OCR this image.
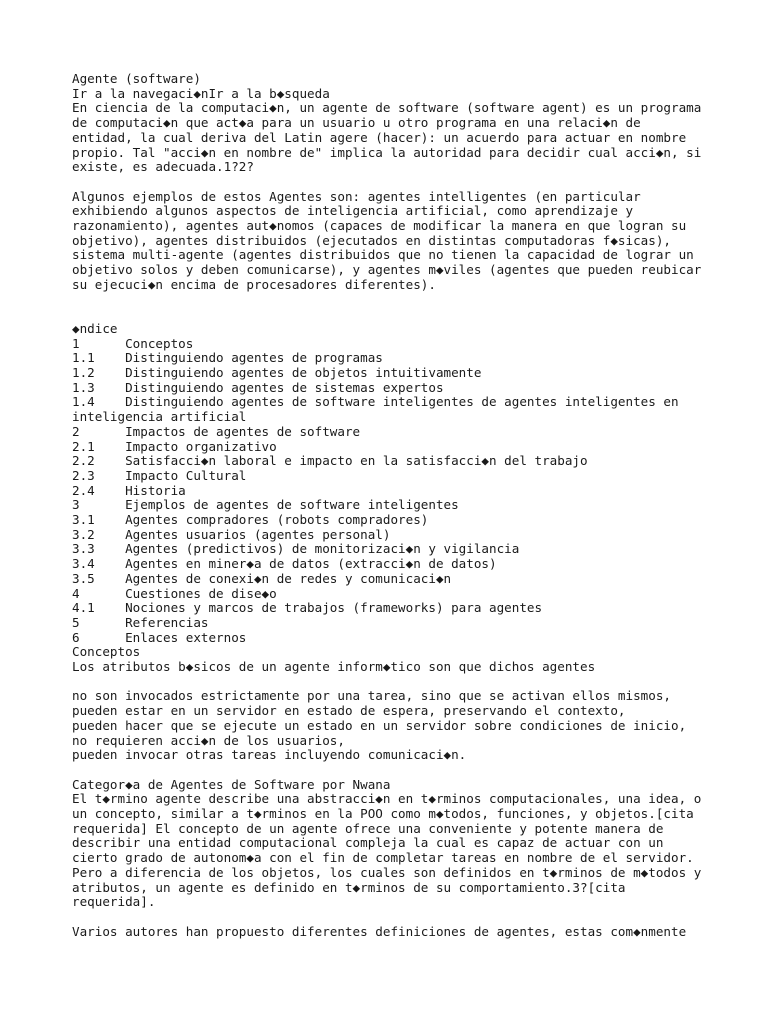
Agente (software)
Ir a la navegaci◆nIr a la b◆squeda
En ciencia de la computaci◆n, un agente de software (software agent) es un programa
de computaci◆n que act◆a para un usuario u otro programa en una relaci◆n de
entidad, la cual deriva del Latin agere (hacer): un acuerdo para actuar en nombre
propio. Tal "acci◆n en nombre de" implica la autoridad para decidir cual acci◆n, si
existe, es adecuada.1?2?
Algunos ejemplos de estos Agentes son: agentes intelligentes (en particular
exhibiendo algunos aspectos de inteligencia artificial, como aprendizaje y
razonamiento), agentes aut◆nomos (capaces de modificar la manera en que logran su
objetivo), agentes distribuidos (ejecutados en distintas computadoras f◆sicas),
sistema multi-agente (agentes distribuidos que no tienen la capacidad de lograr un
objetivo solos y deben comunicarse), y agentes m◆viles (agentes que pueden reubicar
su ejecuci◆n encima de procesadores diferentes).
◆ndice
1      Conceptos
1.1    Distinguiendo agentes de programas
1.2    Distinguiendo agentes de objetos intuitivamente
1.3    Distinguiendo agentes de sistemas expertos
1.4    Distinguiendo agentes de software inteligentes de agentes inteligentes en
inteligencia artificial
2      Impactos de agentes de software
2.1    Impacto organizativo
2.2    Satisfacci◆n laboral e impacto en la satisfacci◆n del trabajo
2.3    Impacto Cultural
2.4    Historia
3      Ejemplos de agentes de software inteligentes
3.1    Agentes compradores (robots compradores)
3.2    Agentes usuarios (agentes personal)
3.3    Agentes (predictivos) de monitorizaci◆n y vigilancia
3.4    Agentes en miner◆a de datos (extracci◆n de datos)
3.5    Agentes de conexi◆n de redes y comunicaci◆n
4      Cuestiones de dise◆o
4.1    Nociones y marcos de trabajos (frameworks) para agentes
5      Referencias
6      Enlaces externos
Conceptos
Los atributos b◆sicos de un agente inform◆tico son que dichos agentes
no son invocados estrictamente por una tarea, sino que se activan ellos mismos,
pueden estar en un servidor en estado de espera, preservando el contexto,
pueden hacer que se ejecute un estado en un servidor sobre condiciones de inicio,
no requieren acci◆n de los usuarios,
pueden invocar otras tareas incluyendo comunicaci◆n.
Categor◆a de Agentes de Software por Nwana
El t◆rmino agente describe una abstracci◆n en t◆rminos computacionales, una idea, o
un concepto, similar a t◆rminos en la POO como m◆todos, funciones, y objetos.[cita
requerida] El concepto de un agente ofrece una conveniente y potente manera de
describir una entidad computacional compleja la cual es capaz de actuar con un
cierto grado de autonom◆a con el fin de completar tareas en nombre de el servidor.
Pero a diferencia de los objetos, los cuales son definidos en t◆rminos de m◆todos y
atributos, un agente es definido en t◆rminos de su comportamiento.3?[cita
requerida].
Varios autores han propuesto diferentes definiciones de agentes, estas com◆nmente
